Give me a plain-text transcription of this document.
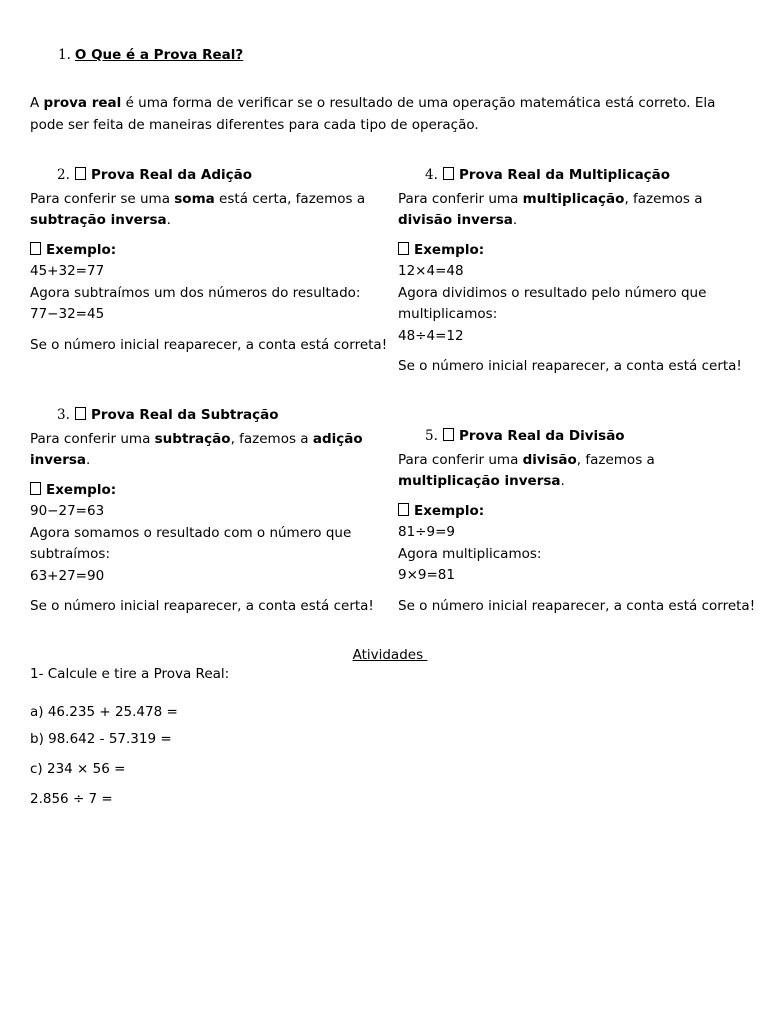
1. O Que é a Prova Real?

A prova real é uma forma de verificar se o resultado de uma operação matemática está correto. Ela pode ser feita de maneiras diferentes para cada tipo de operação.

2. Prova Real da Adição

Para conferir se uma soma está certa, fazemos a subtração inversa.

Exemplo:

45+32=77

Agora subtraímos um dos números do resultado:

77−32=45

Se o número inicial reaparecer, a conta está correta!

3. Prova Real da Subtração

Para conferir uma subtração, fazemos a adição inversa.

Exemplo:

90−27=63

Agora somamos o resultado com o número que subtraímos:

63+27=90

Se o número inicial reaparecer, a conta está certa!

4. Prova Real da Multiplicação

Para conferir uma multiplicação, fazemos a divisão inversa.

Exemplo:

12×4=48

Agora dividimos o resultado pelo número que multiplicamos:

48÷4=12

Se o número inicial reaparecer, a conta está certa!

5. Prova Real da Divisão

Para conferir uma divisão, fazemos a multiplicação inversa.

Exemplo:

81÷9=9

Agora multiplicamos:

9×9=81

Se o número inicial reaparecer, a conta está correta!

Atividades
1- Calcule e tire a Prova Real:
a) 46.235 + 25.478 =
b) 98.642 - 57.319 =
c) 234 × 56 =
2.856 ÷ 7 =
